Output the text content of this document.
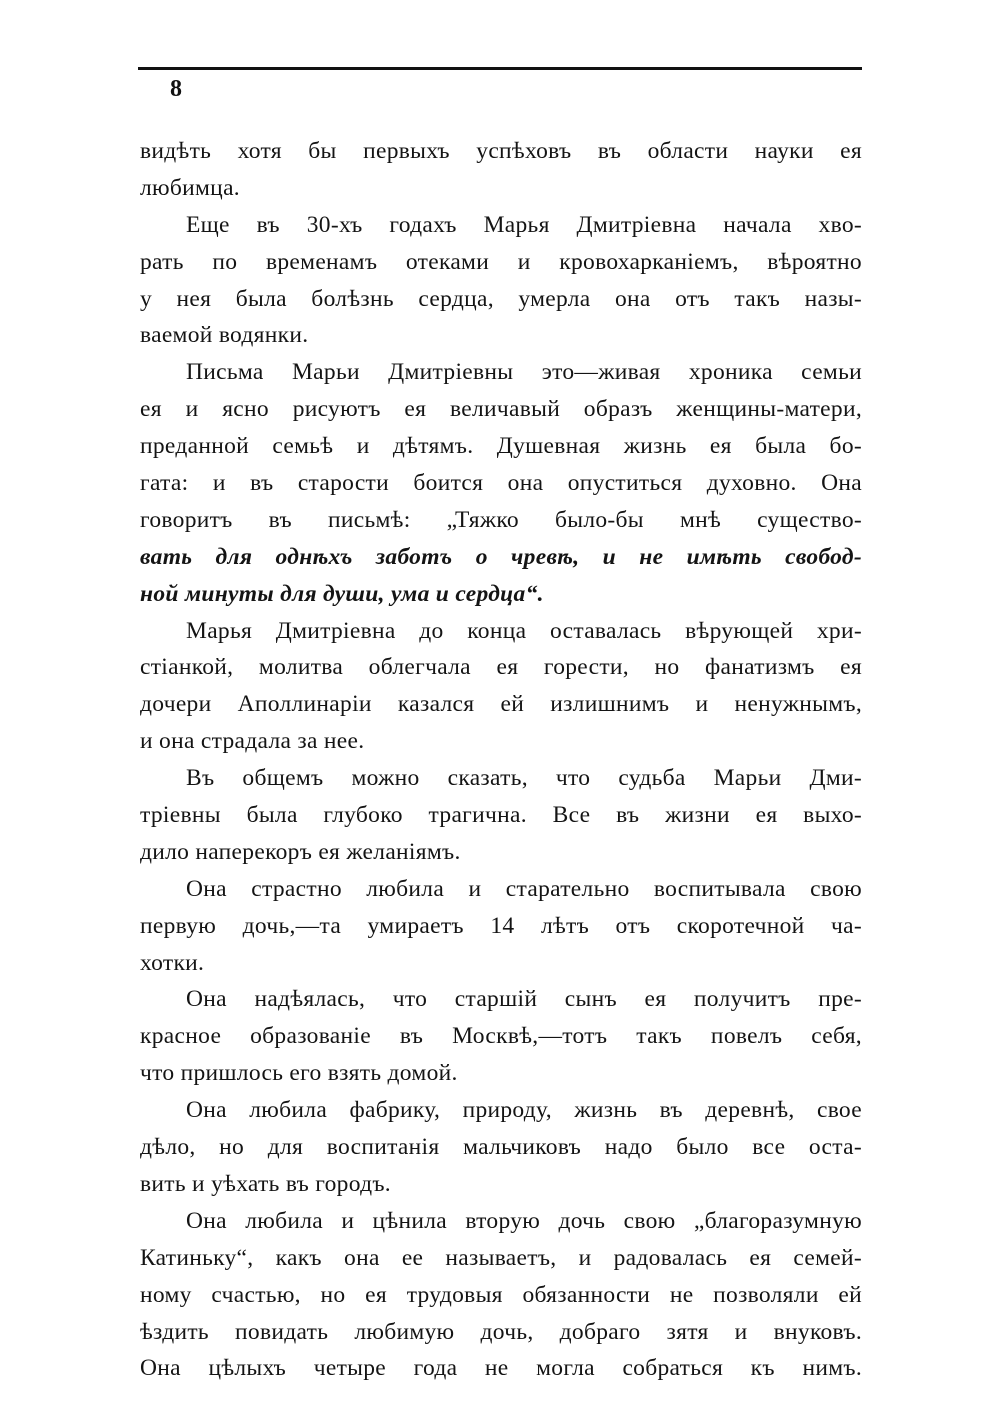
8
видѣть хотя бы первыхъ успѣховъ въ области науки ея
любимца.
Еще въ 30-хъ годахъ Марья Дмитріевна начала хво-
рать по временамъ отеками и кровохарканіемъ, вѣроятно
у нея была болѣзнь сердца, умерла она отъ такъ назы-
ваемой водянки.
Письма Марьи Дмитріевны это—живая хроника семьи
ея и ясно рисуютъ ея величавый образъ женщины-матери,
преданной семьѣ и дѣтямъ. Душевная жизнь ея была бо-
гата: и въ старости боится она опуститься духовно. Она
говоритъ въ письмѣ: „Тяжко было-бы мнѣ существо-
вать для однѣхъ заботъ о чревѣ, и не имѣть свобод-
ной минуты для души, ума и сердца“.
Марья Дмитріевна до конца оставалась вѣрующей хри-
стіанкой, молитва облегчала ея горести, но фанатизмъ ея
дочери Аполлинаріи казался ей излишнимъ и ненужнымъ,
и она страдала за нее.
Въ общемъ можно сказать, что судьба Марьи Дми-
тріевны была глубоко трагична. Все въ жизни ея выхо-
дило наперекоръ ея желаніямъ.
Она страстно любила и старательно воспитывала свою
первую дочь,—та умираетъ 14 лѣтъ отъ скоротечной ча-
хотки.
Она надѣялась, что старшій сынъ ея получитъ пре-
красное образованіе въ Москвѣ,—тотъ такъ повелъ себя,
что пришлось его взять домой.
Она любила фабрику, природу, жизнь въ деревнѣ, свое
дѣло, но для воспитанія мальчиковъ надо было все оста-
вить и уѣхать въ городъ.
Она любила и цѣнила вторую дочь свою „благоразумную
Катиньку“, какъ она ее называетъ, и радовалась ея семей-
ному счастью, но ея трудовыя обязанности не позволяли ей
ѣздить повидать любимую дочь, добраго зятя и внуковъ.
Она цѣлыхъ четыре года не могла собраться къ нимъ.
